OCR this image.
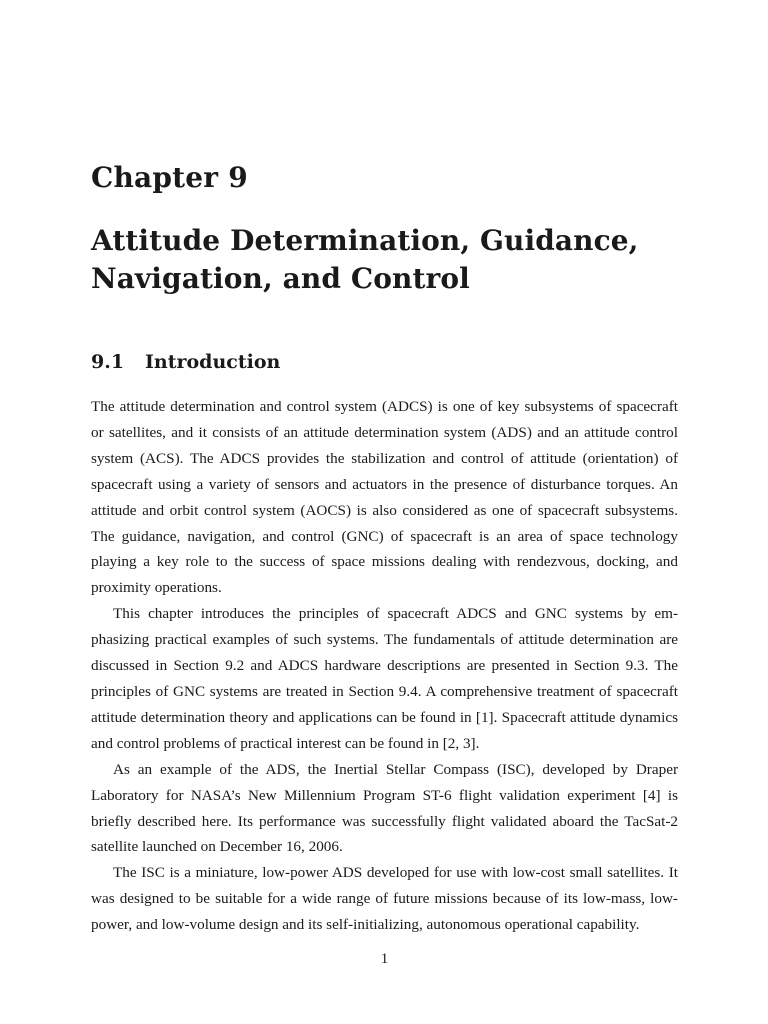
Chapter 9
Attitude Determination, Guidance, Navigation, and Control
9.1 Introduction

The attitude determination and control system (ADCS) is one of key subsystems of spacecraft or satellites, and it consists of an attitude determination system (ADS) and an attitude control system (ACS). The ADCS provides the stabilization and control of attitude (orientation) of spacecraft using a variety of sensors and actuators in the presence of disturbance torques. An attitude and orbit control system (AOCS) is also considered as one of spacecraft subsystems. The guidance, navigation, and control (GNC) of spacecraft is an area of space technology playing a key role to the success of space missions dealing with rendezvous, docking, and proximity operations.

This chapter introduces the principles of spacecraft ADCS and GNC systems by emphasizing practical examples of such systems. The fundamentals of attitude determination are discussed in Section 9.2 and ADCS hardware descriptions are presented in Section 9.3. The principles of GNC systems are treated in Section 9.4. A comprehensive treatment of spacecraft attitude determination theory and applications can be found in [1]. Spacecraft attitude dynamics and control problems of practical interest can be found in [2, 3].

As an example of the ADS, the Inertial Stellar Compass (ISC), developed by Draper Laboratory for NASA’s New Millennium Program ST-6 flight validation experiment [4] is briefly described here. Its performance was successfully flight validated aboard the TacSat-2 satellite launched on December 16, 2006.

The ISC is a miniature, low-power ADS developed for use with low-cost small satellites. It was designed to be suitable for a wide range of future missions because of its low-mass, low-power, and low-volume design and its self-initializing, autonomous operational capability.

1
